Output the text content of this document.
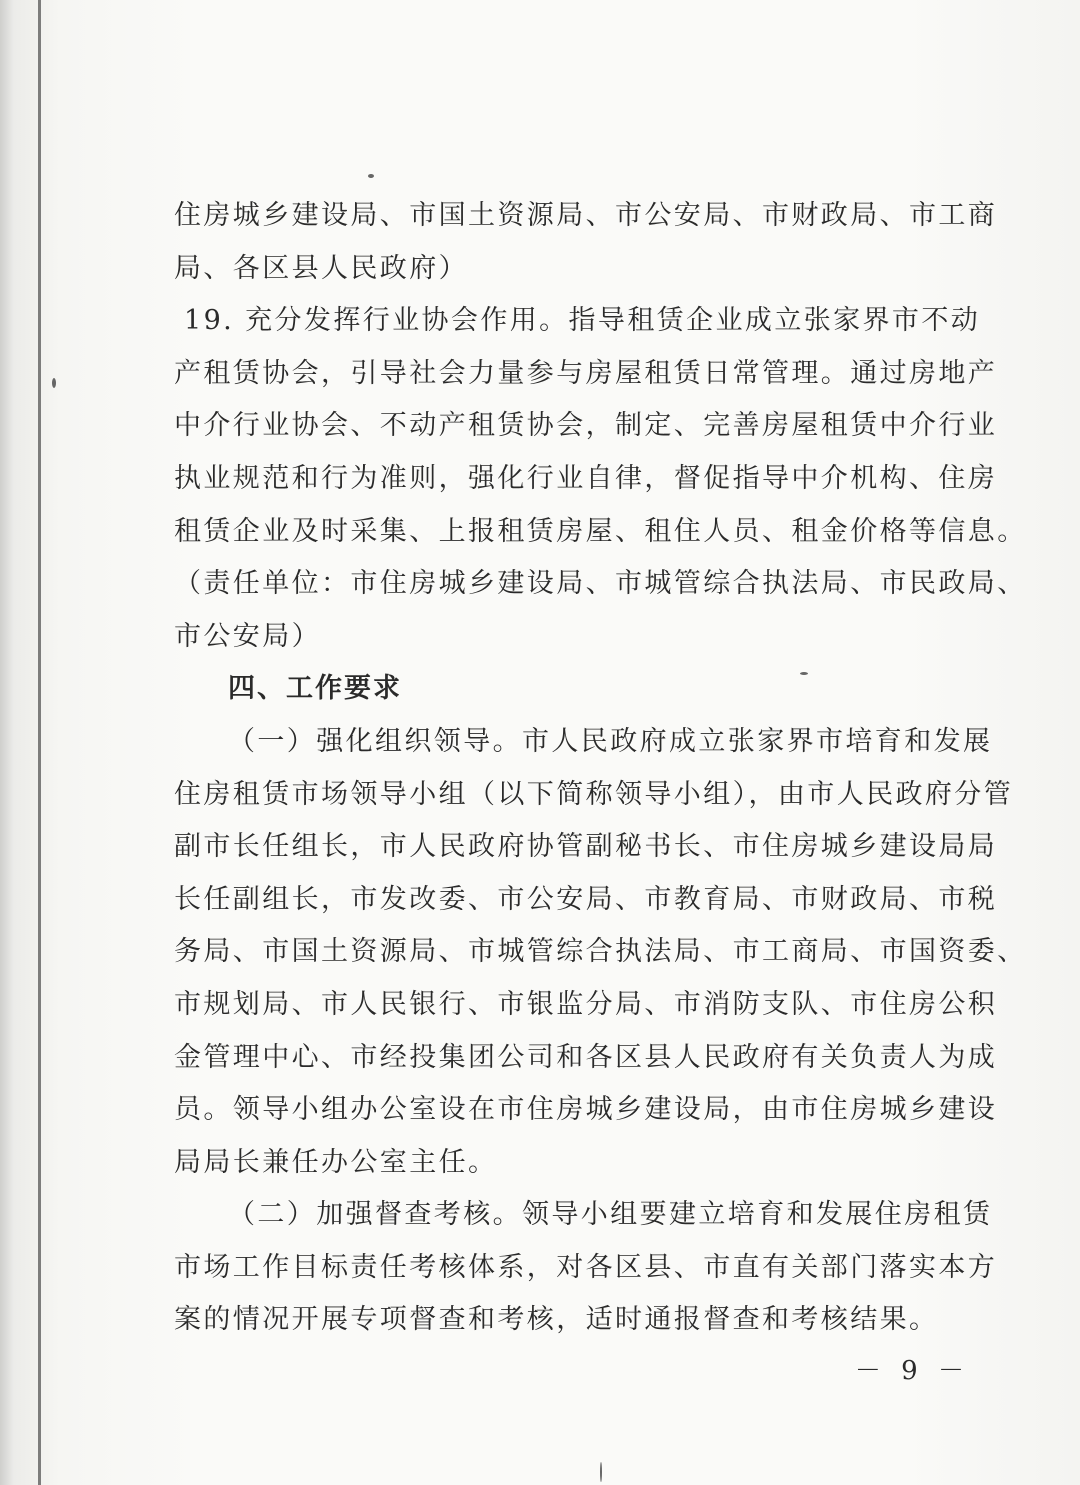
住房城乡建设局、市国土资源局、市公安局、市财政局、市工商
局、各区县人民政府）
19. 充分发挥行业协会作用。指导租赁企业成立张家界市不动
产租赁协会，引导社会力量参与房屋租赁日常管理。通过房地产
中介行业协会、不动产租赁协会，制定、完善房屋租赁中介行业
执业规范和行为准则，强化行业自律，督促指导中介机构、住房
租赁企业及时采集、上报租赁房屋、租住人员、租金价格等信息。
（责任单位：市住房城乡建设局、市城管综合执法局、市民政局、
市公安局）
四、工作要求
（一）强化组织领导。市人民政府成立张家界市培育和发展
住房租赁市场领导小组（以下简称领导小组），由市人民政府分管
副市长任组长，市人民政府协管副秘书长、市住房城乡建设局局
长任副组长，市发改委、市公安局、市教育局、市财政局、市税
务局、市国土资源局、市城管综合执法局、市工商局、市国资委、
市规划局、市人民银行、市银监分局、市消防支队、市住房公积
金管理中心、市经投集团公司和各区县人民政府有关负责人为成
员。领导小组办公室设在市住房城乡建设局，由市住房城乡建设
局局长兼任办公室主任。
（二）加强督查考核。领导小组要建立培育和发展住房租赁
市场工作目标责任考核体系，对各区县、市直有关部门落实本方
案的情况开展专项督查和考核，适时通报督查和考核结果。
－ 9 －
